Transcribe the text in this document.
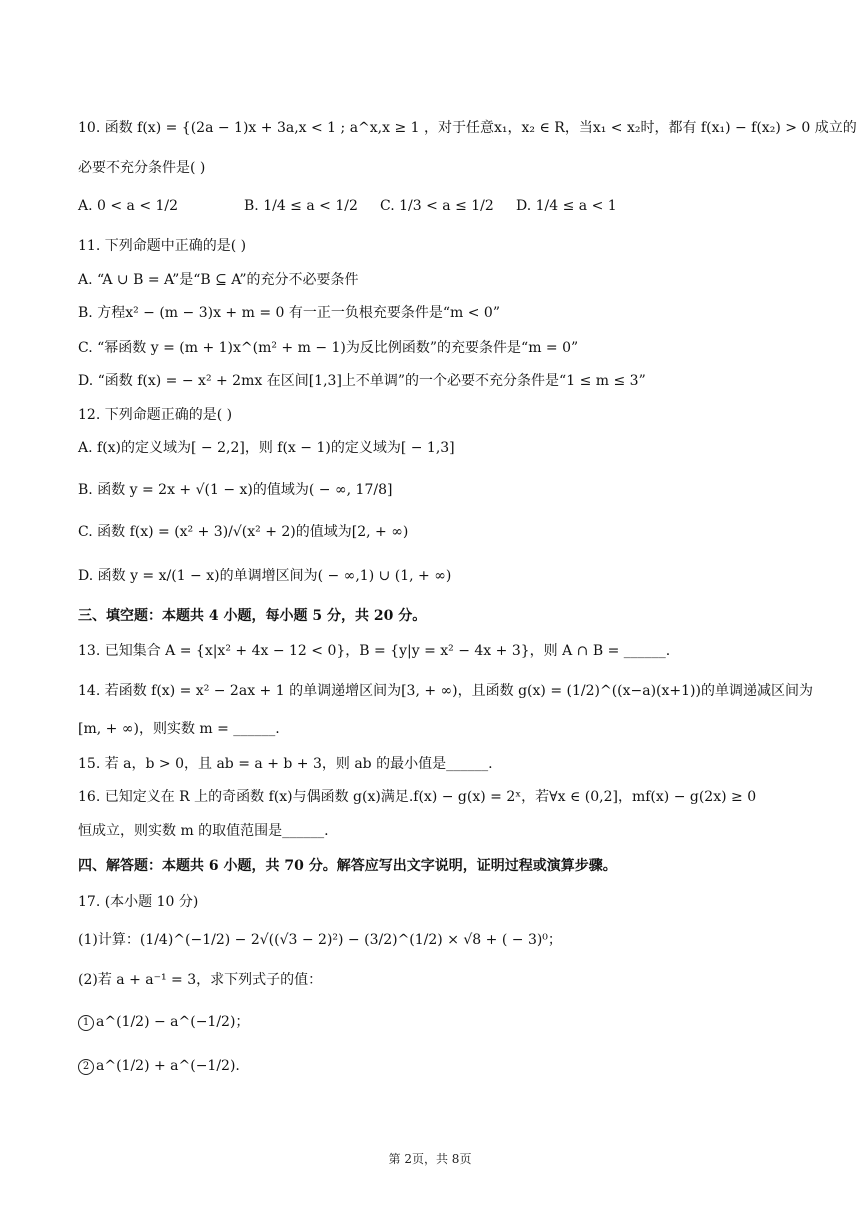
10. 函数 f(x) = {(2a − 1)x + 3a,x < 1 ; a^x,x ≥ 1 ，对于任意x₁，x₂ ∈ R，当x₁ < x₂时，都有 f(x₁) − f(x₂) > 0 成立的
必要不充分条件是( )
A. 0 < a < 1/2	B. 1/4 ≤ a < 1/2 C. 1/3 < a ≤ 1/2 D. 1/4 ≤ a < 1
11. 下列命题中正确的是( )
A. “A ∪ B = A”是“B ⊆ A”的充分不必要条件
B. 方程x² − (m − 3)x + m = 0 有一正一负根充要条件是“m < 0”
C. “幂函数 y = (m + 1)x^(m² + m − 1)为反比例函数”的充要条件是“m = 0”
D. “函数 f(x) = − x² + 2mx 在区间[1,3]上不单调”的一个必要不充分条件是“1 ≤ m ≤ 3”
12. 下列命题正确的是( )
A. f(x)的定义域为[ − 2,2]，则 f(x − 1)的定义域为[ − 1,3]
B. 函数 y = 2x + √(1 − x)的值域为( − ∞, 17/8]
C. 函数 f(x) = (x² + 3)/√(x² + 2)的值域为[2, + ∞)
D. 函数 y = x/(1 − x)的单调增区间为( − ∞,1) ∪ (1, + ∞)
三、填空题：本题共 4 小题，每小题 5 分，共 20 分。
13. 已知集合 A = {x|x² + 4x − 12 < 0}，B = {y|y = x² − 4x + 3}，则 A ∩ B = ______.
14. 若函数 f(x) = x² − 2ax + 1 的单调递增区间为[3, + ∞)，且函数 g(x) = (1/2)^((x−a)(x+1))的单调递减区间为
[m, + ∞)，则实数 m = ______.
15. 若 a，b > 0，且 ab = a + b + 3，则 ab 的最小值是______.
16. 已知定义在 R 上的奇函数 f(x)与偶函数 g(x)满足.f(x) − g(x) = 2ˣ，若∀x ∈ (0,2]，mf(x) − g(2x) ≥ 0
恒成立，则实数 m 的取值范围是______.
四、解答题：本题共 6 小题，共 70 分。解答应写出文字说明，证明过程或演算步骤。
17. (本小题 10 分)
(1)计算：(1/4)^(−1/2) − 2√((√3 − 2)²) − (3/2)^(1/2) × √8 + ( − 3)⁰；
(2)若 a + a⁻¹ = 3，求下列式子的值：
1 a^(1/2) − a^(−1/2)；
2 a^(1/2) + a^(−1/2).
第 2页，共 8页
